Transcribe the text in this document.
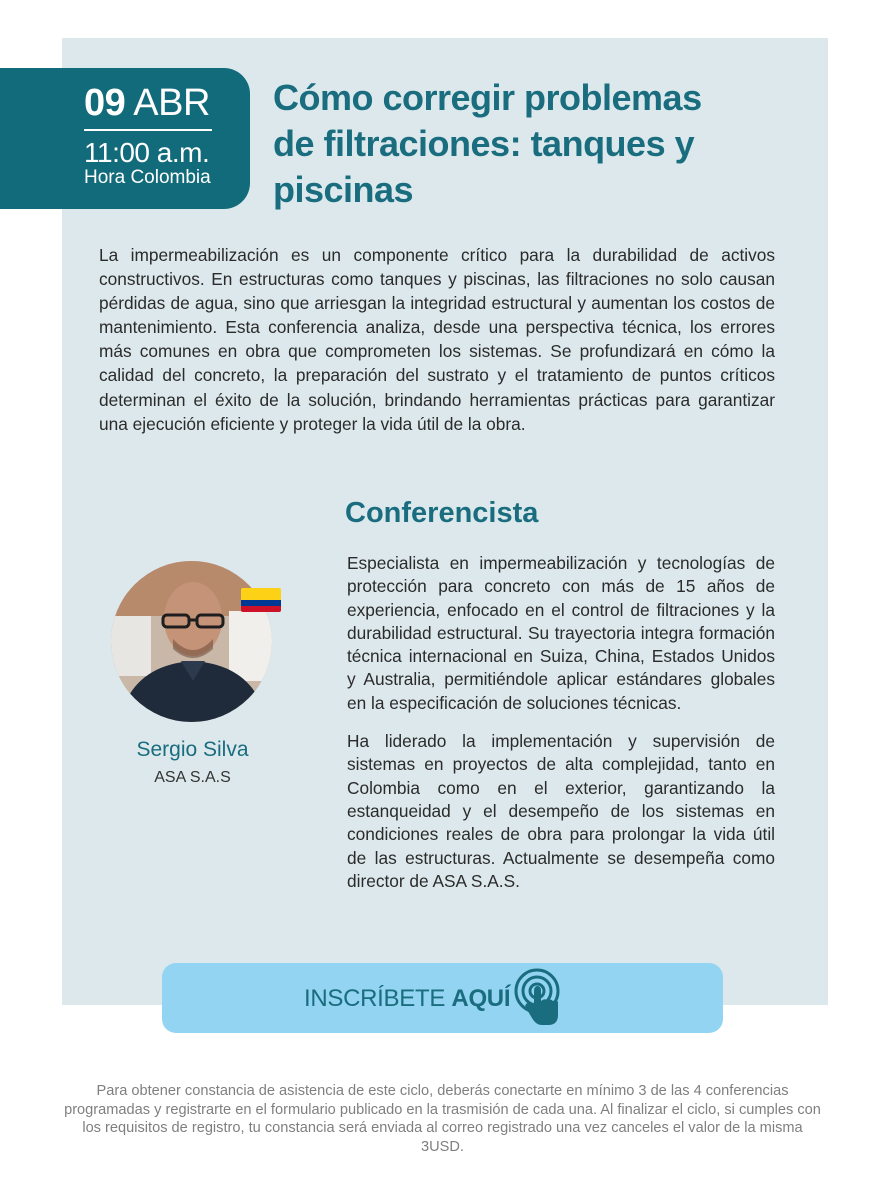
09 ABR
11:00 a.m.
Hora Colombia
Cómo corregir problemas de filtraciones: tanques y piscinas

La impermeabilización es un componente crítico para la durabilidad de activos constructivos. En estructuras como tanques y piscinas, las filtraciones no solo causan pérdidas de agua, sino que arriesgan la integridad estructural y aumentan los costos de mantenimiento. Esta conferencia analiza, desde una perspectiva técnica, los errores más comunes en obra que comprometen los sistemas. Se profundizará en cómo la calidad del concreto, la preparación del sustrato y el tratamiento de puntos críticos determinan el éxito de la solución, brindando herramientas prácticas para garantizar una ejecución eficiente y proteger la vida útil de la obra.

Conferencista
Sergio Silva
ASA S.A.S

Especialista en impermeabilización y tecnologías de protección para concreto con más de 15 años de experiencia, enfocado en el control de filtraciones y la durabilidad estructural. Su trayectoria integra formación técnica internacional en Suiza, China, Estados Unidos y Australia, permitiéndole aplicar estándares globales en la especificación de soluciones técnicas.

Ha liderado la implementación y supervisión de sistemas en proyectos de alta complejidad, tanto en Colombia como en el exterior, garantizando la estanqueidad y el desempeño de los sistemas en condiciones reales de obra para prolongar la vida útil de las estructuras. Actualmente se desempeña como director de ASA S.A.S.

INSCRÍBETE AQUÍ

Para obtener constancia de asistencia de este ciclo, deberás conectarte en mínimo 3 de las 4 conferencias programadas y registrarte en el formulario publicado en la trasmisión de cada una. Al finalizar el ciclo, si cumples con los requisitos de registro, tu constancia será enviada al correo registrado una vez canceles el valor de la misma 3USD.
